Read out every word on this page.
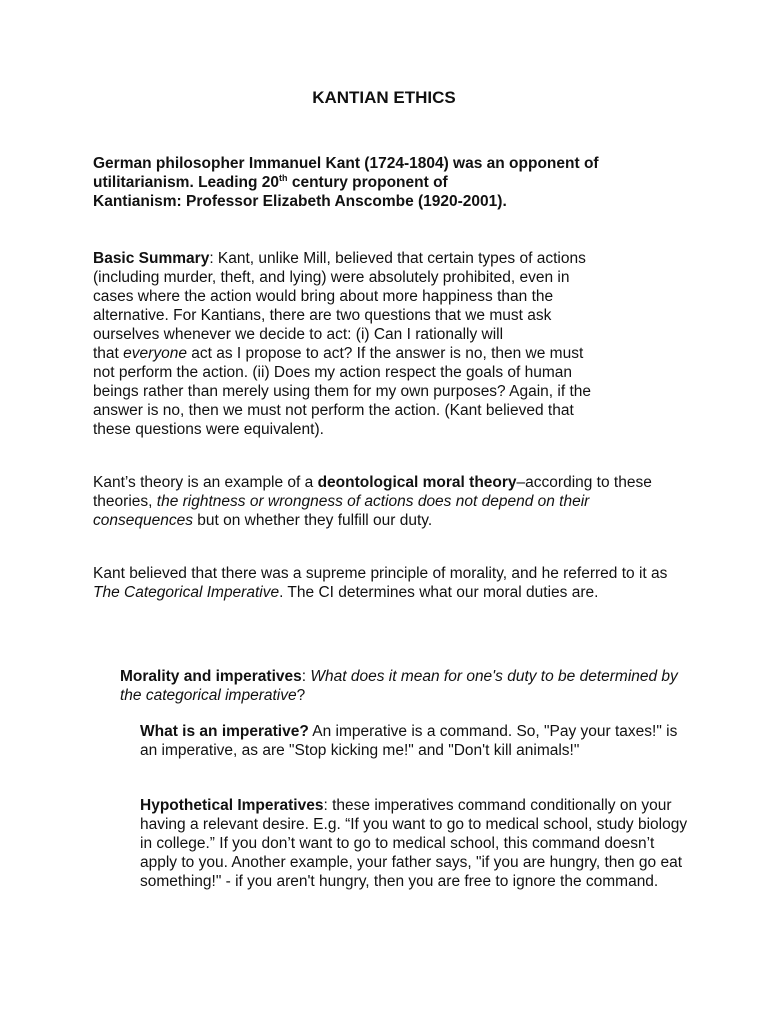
KANTIAN ETHICS

German philosopher Immanuel Kant (1724-1804) was an opponent of
utilitarianism. Leading 20th century proponent of
Kantianism: Professor Elizabeth Anscombe (1920-2001).

Basic Summary: Kant, unlike Mill, believed that certain types of actions
(including murder, theft, and lying) were absolutely prohibited, even in
cases where the action would bring about more happiness than the
alternative. For Kantians, there are two questions that we must ask
ourselves whenever we decide to act: (i) Can I rationally will
that everyone act as I propose to act? If the answer is no, then we must
not perform the action. (ii) Does my action respect the goals of human
beings rather than merely using them for my own purposes? Again, if the
answer is no, then we must not perform the action. (Kant believed that
these questions were equivalent).

Kant’s theory is an example of a deontological moral theory–according to these theories, the rightness or wrongness of actions does not depend on their consequences but on whether they fulfill our duty.

Kant believed that there was a supreme principle of morality, and he referred to it as The Categorical Imperative. The CI determines what our moral duties are.

Morality and imperatives: What does it mean for one's duty to be determined by the categorical imperative?

What is an imperative? An imperative is a command. So, "Pay your taxes!" is an imperative, as are "Stop kicking me!" and "Don't kill animals!"

Hypothetical Imperatives: these imperatives command conditionally on your having a relevant desire. E.g. “If you want to go to medical school, study biology in college.” If you don’t want to go to medical school, this command doesn’t apply to you. Another example, your father says, "if you are hungry, then go eat something!" - if you aren't hungry, then you are free to ignore the command.
